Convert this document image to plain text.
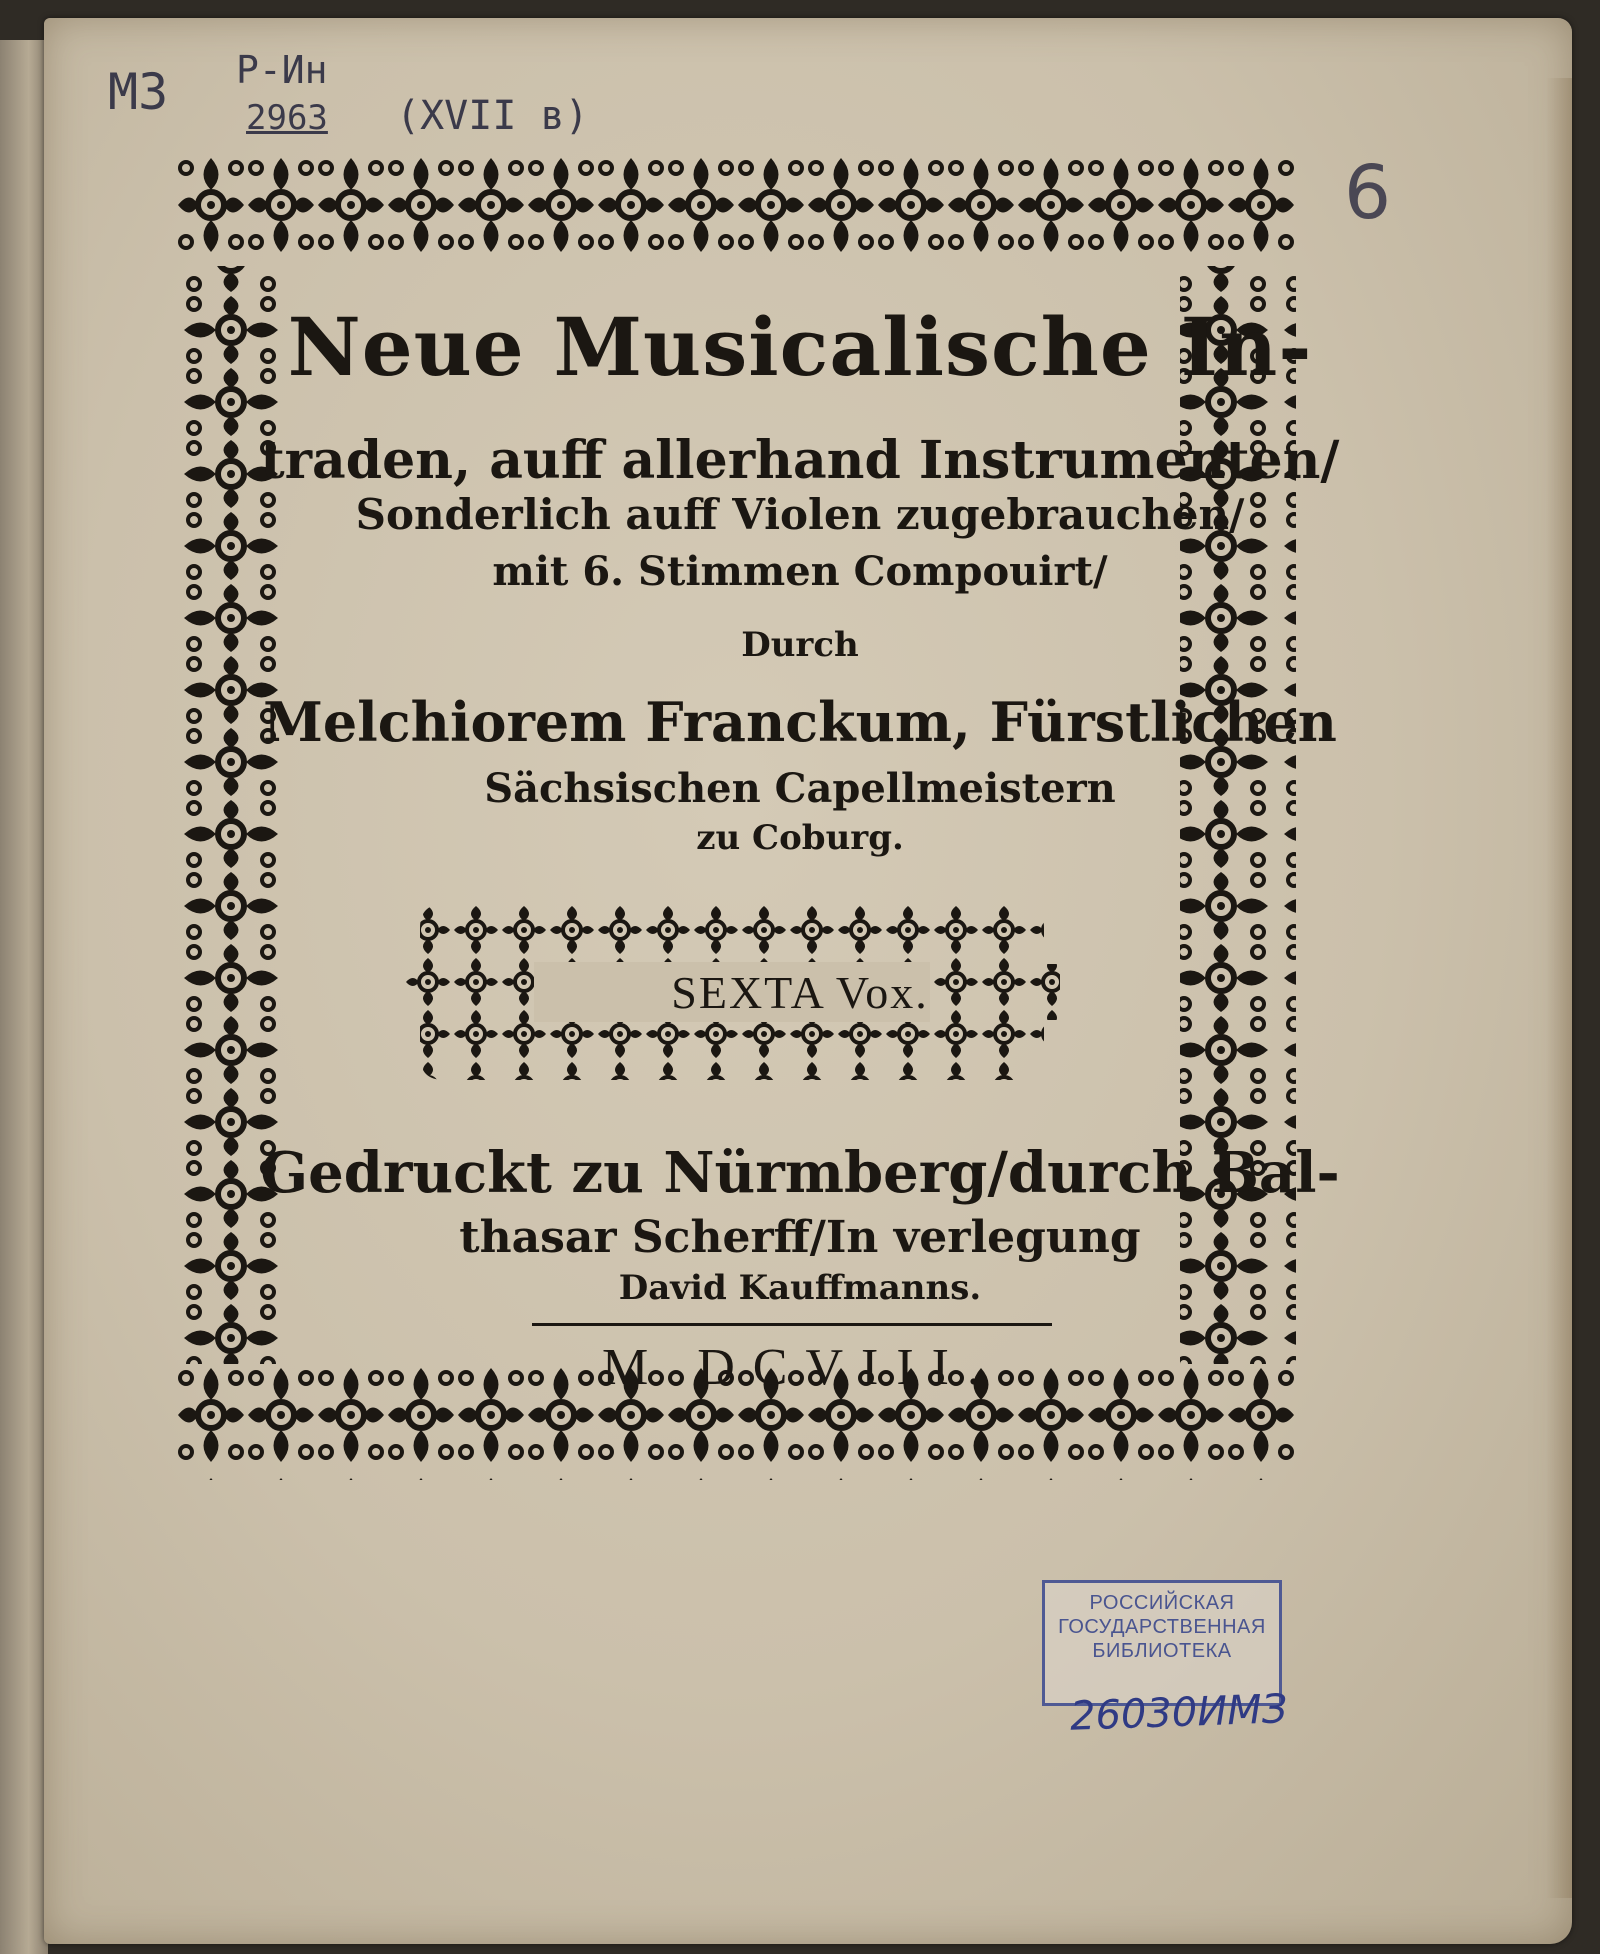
Neue Musicalische In-
traden, auff allerhand Instrumenten/
Sonderlich auff Violen zugebrauchen/
mit 6. Stimmen Compouirt/
Durch
Melchiorem Franckum, Fürstlichen
Sächsischen Capellmeistern
zu Coburg.
SEXTA Vox.
Gedruckt zu Nürmberg/durch Bal-
thasar Scherff/In verlegung
David Kauffmanns.
M DCVIII.
МЗ Р-Ин
2963 (XVII в)
6
РОССИЙСКАЯ
ГОСУДАРСТВЕННАЯ
БИБЛИОТЕКА
26030ИМЗ
